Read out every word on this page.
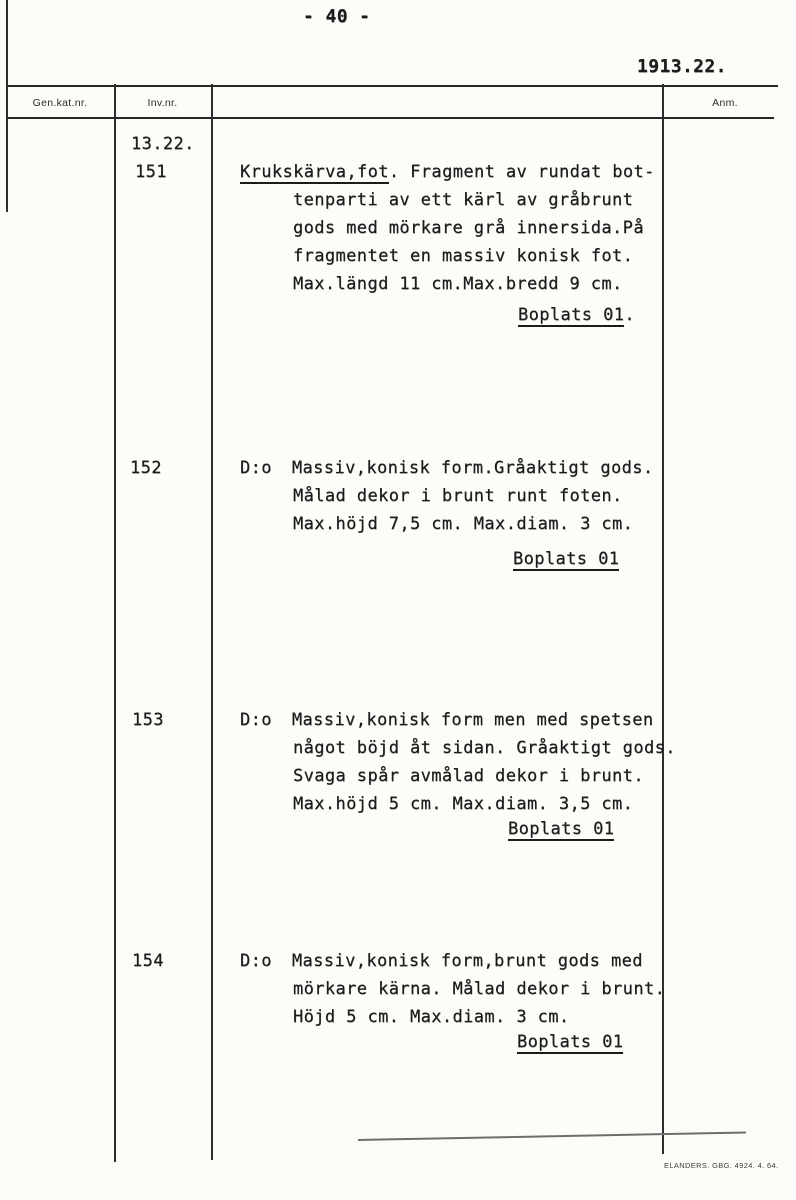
- 40 -
1913.22.
Gen.kat.nr.	Inv.nr.	Anm.
13.22.
151
152
153
154
Krukskärva,fot. Fragment av rundat bot-
tenparti av ett kärl av gråbrunt
gods med mörkare grå innersida.På
fragmentet en massiv konisk fot.
Max.längd 11 cm.Max.bredd 9 cm.
Boplats 01.
D:o Massiv,konisk form.Gråaktigt gods.
Målad dekor i brunt runt foten.
Max.höjd 7,5 cm. Max.diam. 3 cm.
Boplats 01
D:o Massiv,konisk form men med spetsen
något böjd åt sidan. Gråaktigt gods.
Svaga spår avmålad dekor i brunt.
Max.höjd 5 cm. Max.diam. 3,5 cm.
Boplats 01
D:o Massiv,konisk form,brunt gods med
mörkare kärna. Målad dekor i brunt.
Höjd 5 cm. Max.diam. 3 cm.
Boplats 01
ELANDERS. GBG. 4924. 4. 64.
